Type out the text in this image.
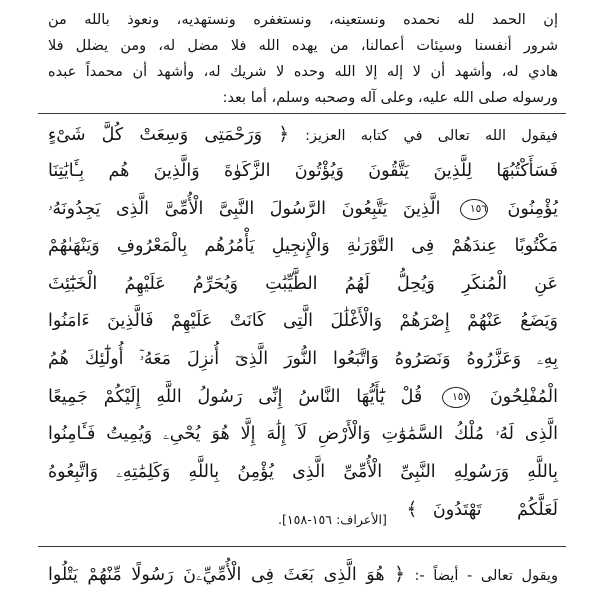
إن الحمد لله نحمده ونستعينه، ونستغفره ونستهديه، ونعوذ بالله من

شرور أنفسنا وسيئات أعمالنا، من يهده الله فلا مضل له، ومن يضلل فلا

هادي له، وأشهد أن لا إله إلا الله وحده لا شريك له، وأشهد أن محمداً عبده

ورسوله صلى الله عليه، وعلى آله وصحبه وسلم، أما بعد:

فيقول الله تعالى في كتابه العزيز: ﴿ وَرَحْمَتِى وَسِعَتْ كُلَّ شَىْءٍ

فَسَأَكْتُبُهَا لِلَّذِينَ يَتَّقُونَ وَيُؤْتُونَ الزَّكَوٰةَ وَالَّذِينَ هُم بِـَٔايَٰتِنَا

يُؤْمِنُونَ ١٥٦ الَّذِينَ يَتَّبِعُونَ الرَّسُولَ النَّبِىَّ الْأُمِّىَّ الَّذِى يَجِدُونَهُۥ

مَكْتُوبًا عِندَهُمْ فِى التَّوْرَىٰةِ وَالْإِنجِيلِ يَأْمُرُهُم بِالْمَعْرُوفِ وَيَنْهَىٰهُمْ

عَنِ الْمُنكَرِ وَيُحِلُّ لَهُمُ الطَّيِّبَٰتِ وَيُحَرِّمُ عَلَيْهِمُ الْخَبَٰٓئِثَ

وَيَضَعُ عَنْهُمْ إِصْرَهُمْ وَالْأَغْلَٰلَ الَّتِى كَانَتْ عَلَيْهِمْ فَالَّذِينَ ءَامَنُوا

بِهِۦ وَعَزَّرُوهُ وَنَصَرُوهُ وَاتَّبَعُوا النُّورَ الَّذِىٓ أُنزِلَ مَعَهُۥٓ أُولَٰٓئِكَ هُمُ

الْمُفْلِحُونَ ١٥٧ قُلْ يَٰٓأَيُّهَا النَّاسُ إِنِّى رَسُولُ اللَّهِ إِلَيْكُمْ جَمِيعًا

الَّذِى لَهُۥ مُلْكُ السَّمَٰوَٰتِ وَالْأَرْضِ لَآ إِلَٰهَ إِلَّا هُوَ يُحْىِۦ وَيُمِيتُ فَـَٔامِنُوا

بِاللَّهِ وَرَسُولِهِ النَّبِىِّ الْأُمِّىِّ الَّذِى يُؤْمِنُ بِاللَّهِ وَكَلِمَٰتِهِۦ وَاتَّبِعُوهُ

لَعَلَّكُمْ تَهْتَدُونَ ﴾ $_{[الأعراف: ١٥٦-١٥٨].}$

ويقول تعالى - أيضاً -: ﴿ هُوَ الَّذِى بَعَثَ فِى الْأُمِّيِّۦنَ رَسُولًا مِّنْهُمْ يَتْلُوا
